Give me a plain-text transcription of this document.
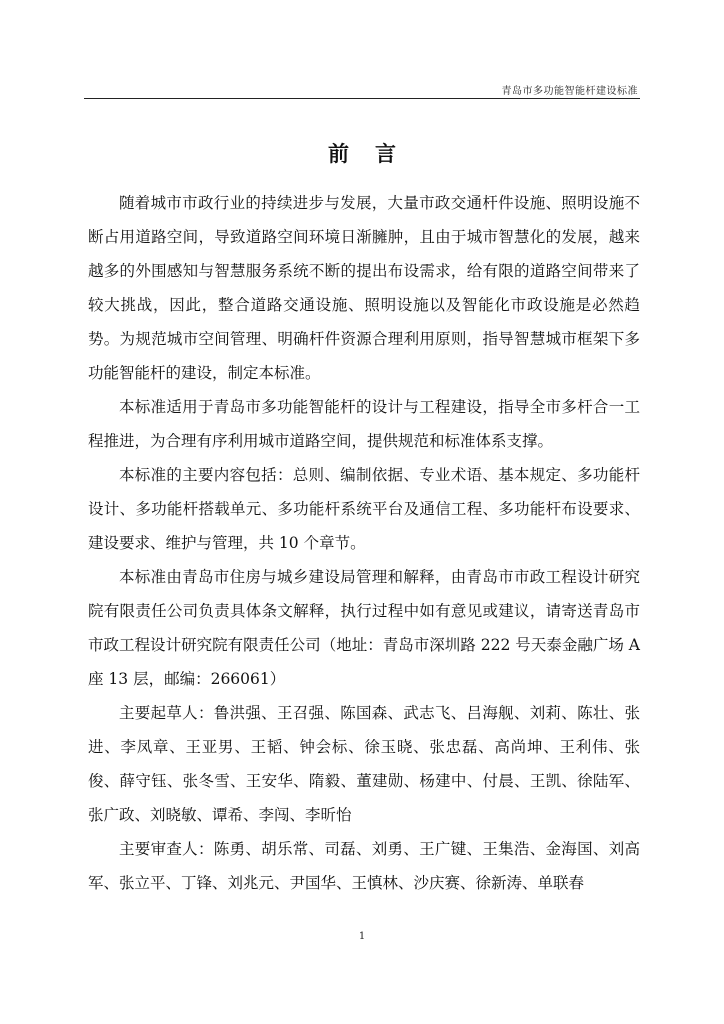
青岛市多功能智能杆建设标准
前言

随着城市市政行业的持续进步与发展，大量市政交通杆件设施、照明设施不断占用道路空间，导致道路空间环境日渐臃肿，且由于城市智慧化的发展，越来越多的外围感知与智慧服务系统不断的提出布设需求，给有限的道路空间带来了较大挑战，因此，整合道路交通设施、照明设施以及智能化市政设施是必然趋势。为规范城市空间管理、明确杆件资源合理利用原则，指导智慧城市框架下多功能智能杆的建设，制定本标准。

本标准适用于青岛市多功能智能杆的设计与工程建设，指导全市多杆合一工程推进，为合理有序利用城市道路空间，提供规范和标准体系支撑。

本标准的主要内容包括：总则、编制依据、专业术语、基本规定、多功能杆设计、多功能杆搭载单元、多功能杆系统平台及通信工程、多功能杆布设要求、建设要求、维护与管理，共 10 个章节。

本标准由青岛市住房与城乡建设局管理和解释，由青岛市市政工程设计研究院有限责任公司负责具体条文解释，执行过程中如有意见或建议，请寄送青岛市市政工程设计研究院有限责任公司（地址：青岛市深圳路 222 号天泰金融广场 A 座 13 层，邮编：266061）

主要起草人：鲁洪强、王召强、陈国森、武志飞、吕海舰、刘莉、陈壮、张进、李凤章、王亚男、王韬、钟会标、徐玉晓、张忠磊、高尚坤、王利伟、张俊、薛守钰、张冬雪、王安华、隋毅、董建勋、杨建中、付晨、王凯、徐陆军、张广政、刘晓敏、谭希、李闯、李昕怡

主要审查人：陈勇、胡乐常、司磊、刘勇、王广键、王集浩、金海国、刘高军、张立平、丁锋、刘兆元、尹国华、王慎林、沙庆赛、徐新涛、单联春

1
